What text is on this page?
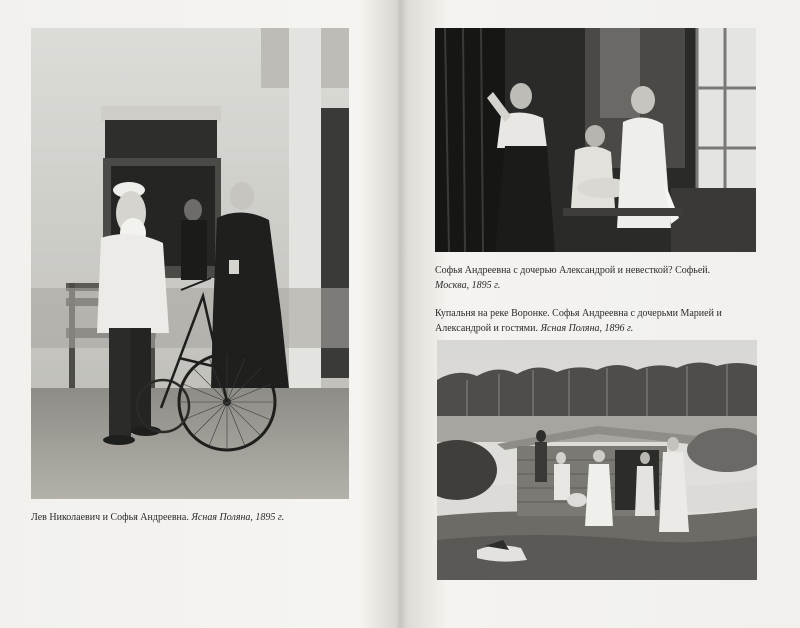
Лев Николаевич и Софья Андреевна. Ясная Поляна, 1895 г.
Софья Андреевна с дочерью Александрой и невесткой? Софьей.
Москва, 1895 г.
Купальня на реке Воронке. Софья Андреевна с дочерьми Марией и Александрой и гостями. Ясная Поляна, 1896 г.
